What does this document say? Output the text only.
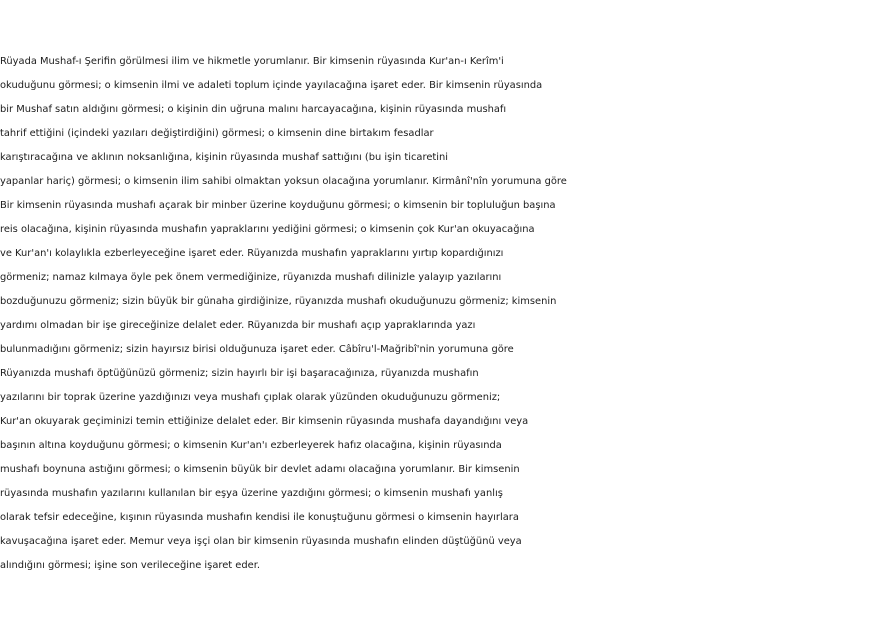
Rüyada Mushaf-ı Şerifin görülmesi ilim ve hikmetle yorumlanır. Bir kimsenin rüyasında Kur'an-ı Kerîm'i
okuduğunu görmesi; o kimsenin ilmi ve adaleti toplum içinde yayılacağına işaret eder. Bir kimsenin rüyasında
bir Mushaf satın aldığını görmesi; o kişinin din uğruna malını harcayacağına, kişinin rüyasında mushafı
tahrif ettiğini (içindeki yazıları değiştirdiğini) görmesi; o kimsenin dine birtakım fesadlar
karıştıracağına ve aklının noksanlığına, kişinin rüyasında mushaf sattığını (bu işin ticaretini
yapanlar hariç) görmesi; o kimsenin ilim sahibi olmaktan yoksun olacağına yorumlanır. Kirmânî'nîn yorumuna göre
Bir kimsenin rüyasında mushafı açarak bir minber üzerine koyduğunu görmesi; o kimsenin bir topluluğun başına
reis olacağına, kişinin rüyasında mushafın yapraklarını yediğini görmesi; o kimsenin çok Kur'an okuyacağına
ve Kur'an'ı kolaylıkla ezberleyeceğine işaret eder. Rüyanızda mushafın yapraklarını yırtıp kopardığınızı
görmeniz; namaz kılmaya öyle pek önem vermediğinize, rüyanızda mushafı dilinizle yalayıp yazılarını
bozduğunuzu görmeniz; sizin büyük bir günaha girdiğinize, rüyanızda mushafı okuduğunuzu görmeniz; kimsenin
yardımı olmadan bir işe gireceğinize delalet eder. Rüyanızda bir mushafı açıp yapraklarında yazı
bulunmadığını görmeniz; sizin hayırsız birisi olduğunuza işaret eder. Câbîru'l-Mağribî'nin yorumuna göre
Rüyanızda mushafı öptüğünüzü görmeniz; sizin hayırlı bir işi başaracağınıza, rüyanızda mushafın
yazılarını bir toprak üzerine yazdığınızı veya mushafı çıplak olarak yüzünden okuduğunuzu görmeniz;
Kur'an okuyarak geçiminizi temin ettiğinize delalet eder. Bir kimsenin rüyasında mushafa dayandığını veya
başının altına koyduğunu görmesi; o kimsenin Kur'an'ı ezberleyerek hafız olacağına, kişinin rüyasında
mushafı boynuna astığını görmesi; o kimsenin büyük bir devlet adamı olacağına yorumlanır. Bir kimsenin
rüyasında mushafın yazılarını kullanılan bir eşya üzerine yazdığını görmesi; o kimsenin mushafı yanlış
olarak tefsir edeceğine, kışının rüyasında mushafın kendisi ile konuştuğunu görmesi o kimsenin hayırlara
kavuşacağına işaret eder. Memur veya işçi olan bir kimsenin rüyasında mushafın elinden düştüğünü veya
alındığını görmesi; işine son verileceğine işaret eder.
